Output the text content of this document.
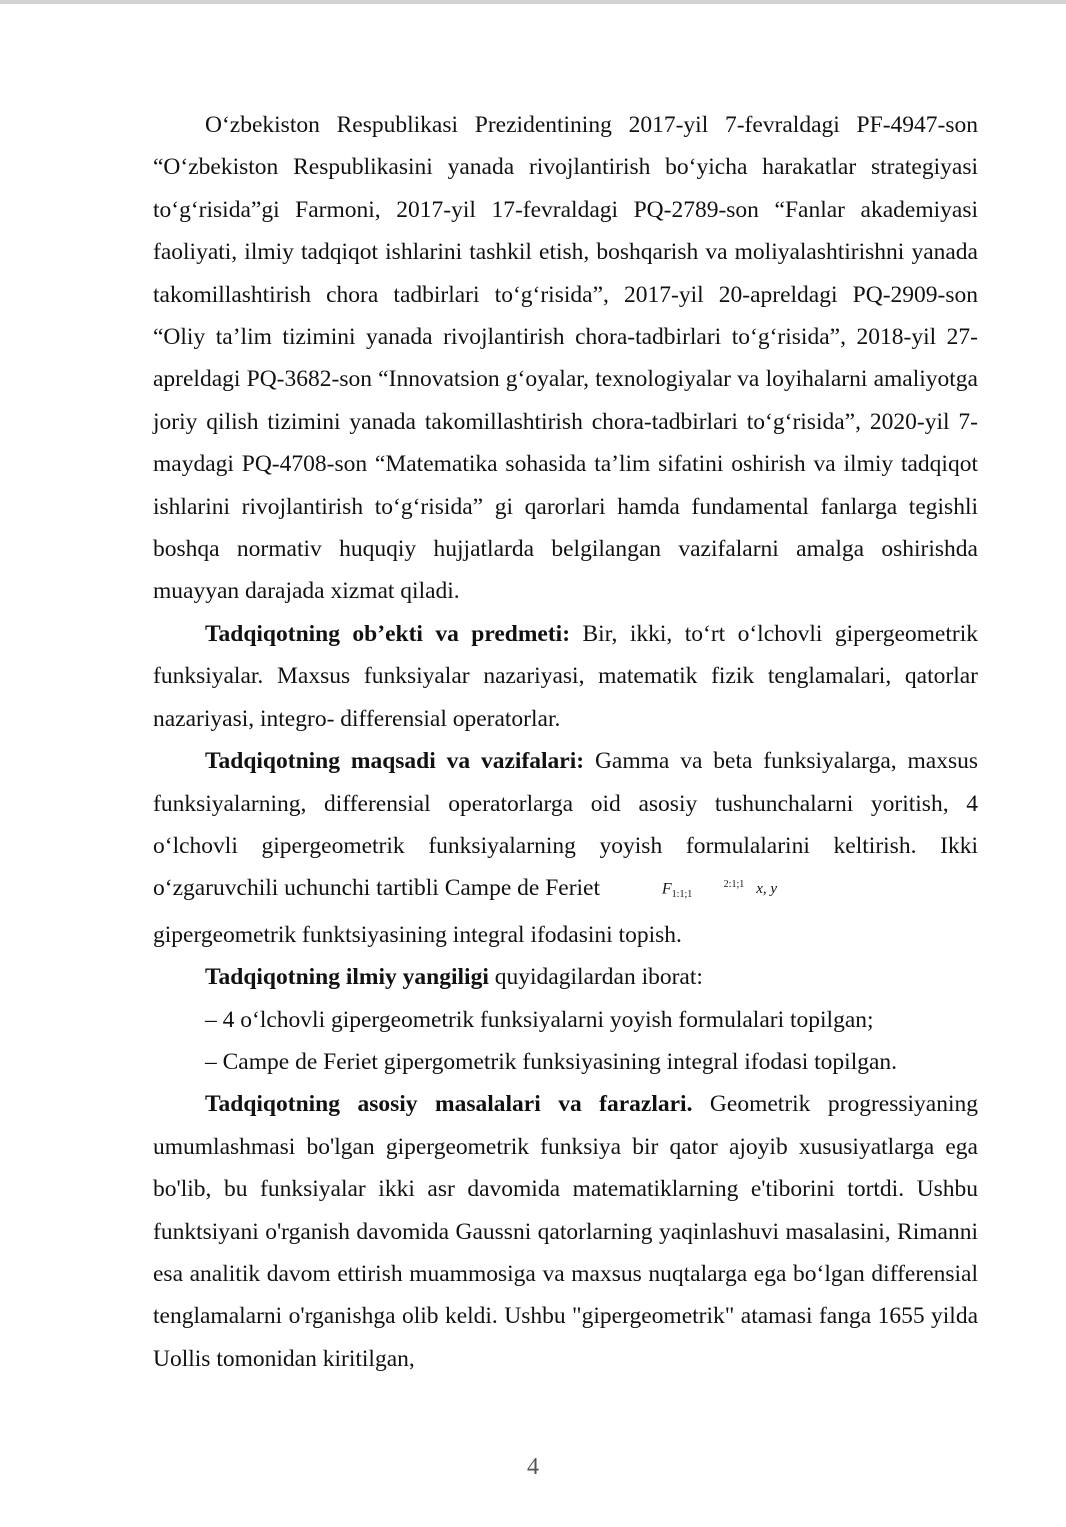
O‘zbekiston Respublikasi Prezidentining 2017-yil 7-fevraldagi PF-4947-son “O‘zbekiston Respublikasini yanada rivojlantirish bo‘yicha harakatlar strategiyasi to‘g‘risida”gi Farmoni, 2017-yil 17-fevraldagi PQ-2789-son “Fanlar akademiyasi faoliyati, ilmiy tadqiqot ishlarini tashkil etish, boshqarish va moliyalashtirishni yanada takomillashtirish chora tadbirlari to‘g‘risida”, 2017-yil 20-apreldagi PQ-2909-son “Oliy ta’lim tizimini yanada rivojlantirish chora-tadbirlari to‘g‘risida”, 2018-yil 27-apreldagi PQ-3682-son “Innovatsion g‘oyalar, texnologiyalar va loyihalarni amaliyotga joriy qilish tizimini yanada takomillashtirish chora-tadbirlari to‘g‘risida”, 2020-yil 7-maydagi PQ-4708-son “Matematika sohasida ta’lim sifatini oshirish va ilmiy tadqiqot ishlarini rivojlantirish to‘g‘risida” gi qarorlari hamda fundamental fanlarga tegishli boshqa normativ huquqiy hujjatlarda belgilangan vazifalarni amalga oshirishda muayyan darajada xizmat qiladi.

Tadqiqotning ob’ekti va predmeti: Bir, ikki, to‘rt o‘lchovli gipergeometrik funksiyalar. Maxsus funksiyalar nazariyasi, matematik fizik tenglamalari, qatorlar nazariyasi, integro- differensial operatorlar.

Tadqiqotning maqsadi va vazifalari: Gamma va beta funksiyalarga, maxsus funksiyalarning, differensial operatorlarga oid asosiy tushunchalarni yoritish, 4 o‘lchovli gipergeometrik funksiyalarning yoyish formulalarini keltirish. Ikki o‘zgaruvchili uchunchi tartibli Campe de Feriet	F	2:1;1
1:1;1	x, y
gipergeometrik funktsiyasining integral ifodasini topish.

Tadqiqotning ilmiy yangiligi quyidagilardan iborat:

– 4 o‘lchovli gipergeometrik funksiyalarni yoyish formulalari topilgan;

– Campe de Feriet gipergometrik funksiyasining integral ifodasi topilgan.

Tadqiqotning asosiy masalalari va farazlari. Geometrik progressiyaning umumlashmasi bo'lgan gipergeometrik funksiya bir qator ajoyib xususiyatlarga ega bo'lib, bu funksiyalar ikki asr davomida matematiklarning e'tiborini tortdi. Ushbu funktsiyani o'rganish davomida Gaussni qatorlarning yaqinlashuvi masalasini, Rimanni esa analitik davom ettirish muammosiga va maxsus nuqtalarga ega bo‘lgan differensial tenglamalarni o'rganishga olib keldi. Ushbu "gipergeometrik" atamasi fanga 1655 yilda Uollis tomonidan kiritilgan,

4
